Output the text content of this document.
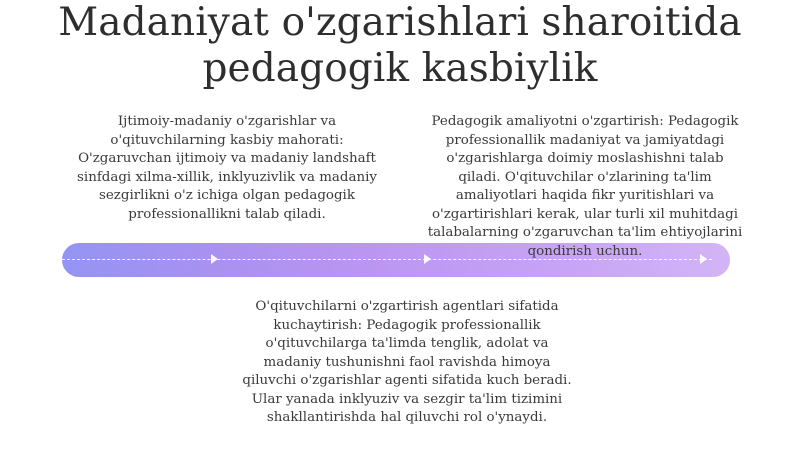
Madaniyat o'zgarishlari sharoitida
pedagogik kasbiylik

Ijtimoiy-madaniy o'zgarishlar va o'qituvchilarning kasbiy mahorati: O'zgaruvchan ijtimoiy va madaniy landshaft sinfdagi xilma-xillik, inklyuzivlik va madaniy sezgirlikni o'z ichiga olgan pedagogik professionallikni talab qiladi.

Pedagogik amaliyotni o'zgartirish: Pedagogik professionallik madaniyat va jamiyatdagi o'zgarishlarga doimiy moslashishni talab qiladi. O'qituvchilar o'zlarining ta'lim amaliyotlari haqida fikr yuritishlari va o'zgartirishlari kerak, ular turli xil muhitdagi talabalarning o'zgaruvchan ta'lim ehtiyojlarini qondirish uchun.

O'qituvchilarni o'zgartirish agentlari sifatida kuchaytirish: Pedagogik professionallik o'qituvchilarga ta'limda tenglik, adolat va madaniy tushunishni faol ravishda himoya qiluvchi o'zgarishlar agenti sifatida kuch beradi. Ular yanada inklyuziv va sezgir ta'lim tizimini shakllantirishda hal qiluvchi rol o'ynaydi.
